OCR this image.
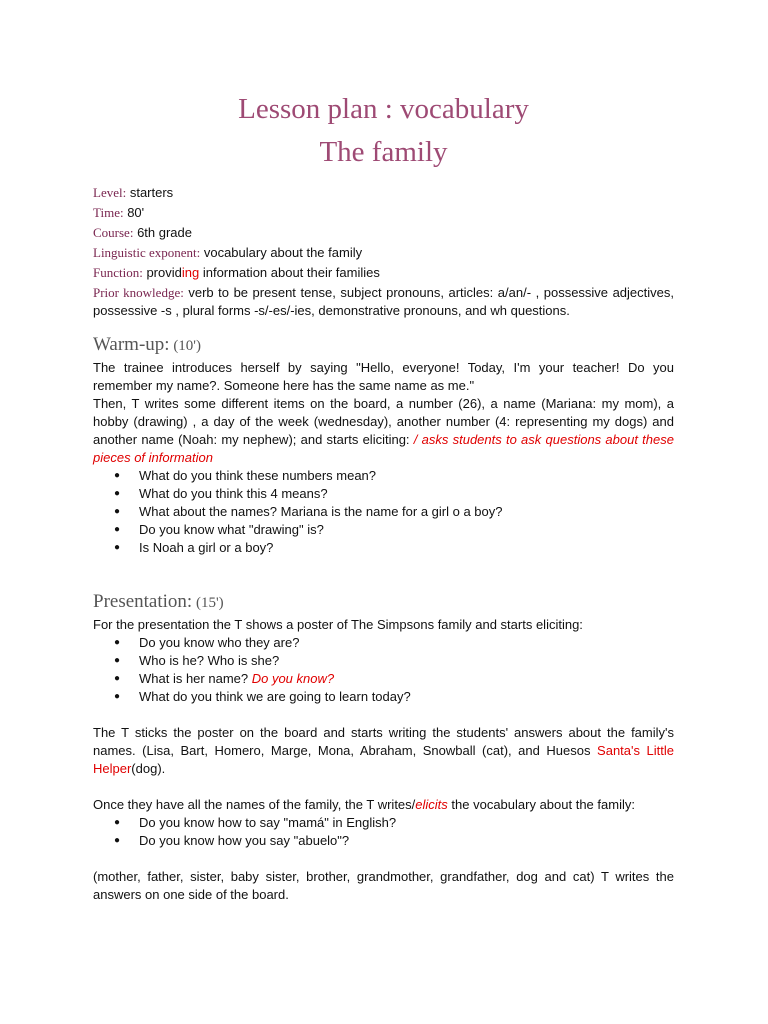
Lesson plan : vocabulary
The family
Level: starters
Time: 80'
Course: 6th grade
Linguistic exponent: vocabulary about the family
Function: providing information about their families

Prior knowledge: verb to be present tense, subject pronouns, articles: a/an/- , possessive adjectives, possessive -s , plural forms -s/-es/-ies, demonstrative pronouns, and wh questions.

Warm-up: (10')

The trainee introduces herself by saying "Hello, everyone! Today, I'm your teacher! Do you remember my name?. Someone here has the same name as me."

Then, T writes some different items on the board, a number (26), a name (Mariana: my mom), a hobby (drawing) , a day of the week (wednesday), another number (4: representing my dogs) and another name (Noah: my nephew); and starts eliciting: / asks students to ask questions about these pieces of information

● What do you think these numbers mean?
● What do you think this 4 means?
● What about the names? Mariana is the name for a girl o a boy?
● Do you know what "drawing" is?
● Is Noah a girl or a boy?
Presentation: (15')

For the presentation the T shows a poster of The Simpsons family and starts eliciting:

● Do you know who they are?
● Who is he? Who is she?
● What is her name? Do you know?
● What do you think we are going to learn today?

The T sticks the poster on the board and starts writing the students' answers about the family's names. (Lisa, Bart, Homero, Marge, Mona, Abraham, Snowball (cat), and Huesos Santa's Little Helper(dog).

Once they have all the names of the family, the T writes/elicits the vocabulary about the family:

● Do you know how to say "mamá" in English?
● Do you know how you say "abuelo"?

(mother, father, sister, baby sister, brother, grandmother, grandfather, dog and cat) T writes the answers on one side of the board.
